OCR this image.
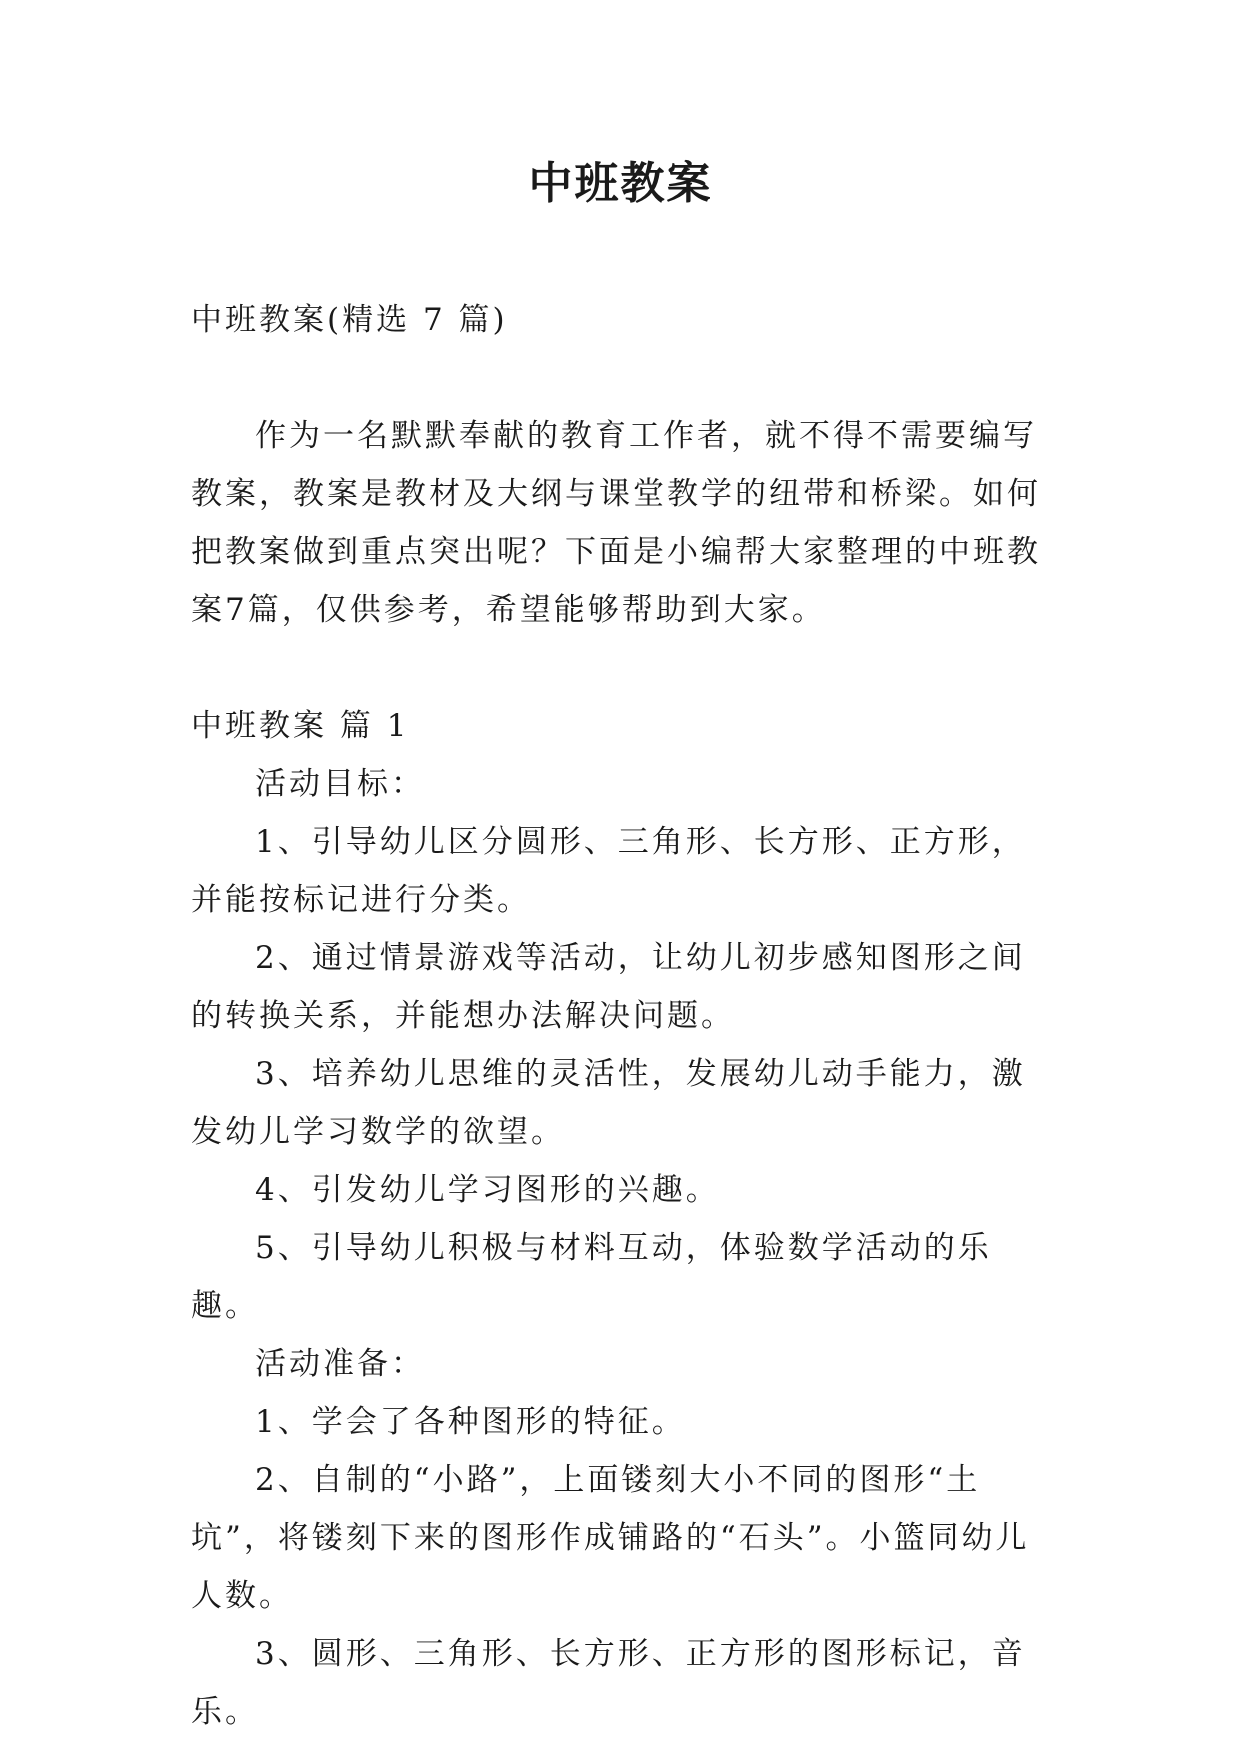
中班教案

中班教案(精选 7 篇)

作为一名默默奉献的教育工作者，就不得不需要编写教案，教案是教材及大纲与课堂教学的纽带和桥梁。如何把教案做到重点突出呢？下面是小编帮大家整理的中班教案7篇，仅供参考，希望能够帮助到大家。

中班教案 篇 1

活动目标：

1、引导幼儿区分圆形、三角形、长方形、正方形，并能按标记进行分类。

2、通过情景游戏等活动，让幼儿初步感知图形之间的转换关系，并能想办法解决问题。

3、培养幼儿思维的灵活性，发展幼儿动手能力，激发幼儿学习数学的欲望。

4、引发幼儿学习图形的兴趣。

5、引导幼儿积极与材料互动，体验数学活动的乐趣。

活动准备：

1、学会了各种图形的特征。

2、自制的“小路”，上面镂刻大小不同的图形“土坑”，将镂刻下来的图形作成铺路的“石头”。小篮同幼儿人数。

3、圆形、三角形、长方形、正方形的图形标记，音乐。
